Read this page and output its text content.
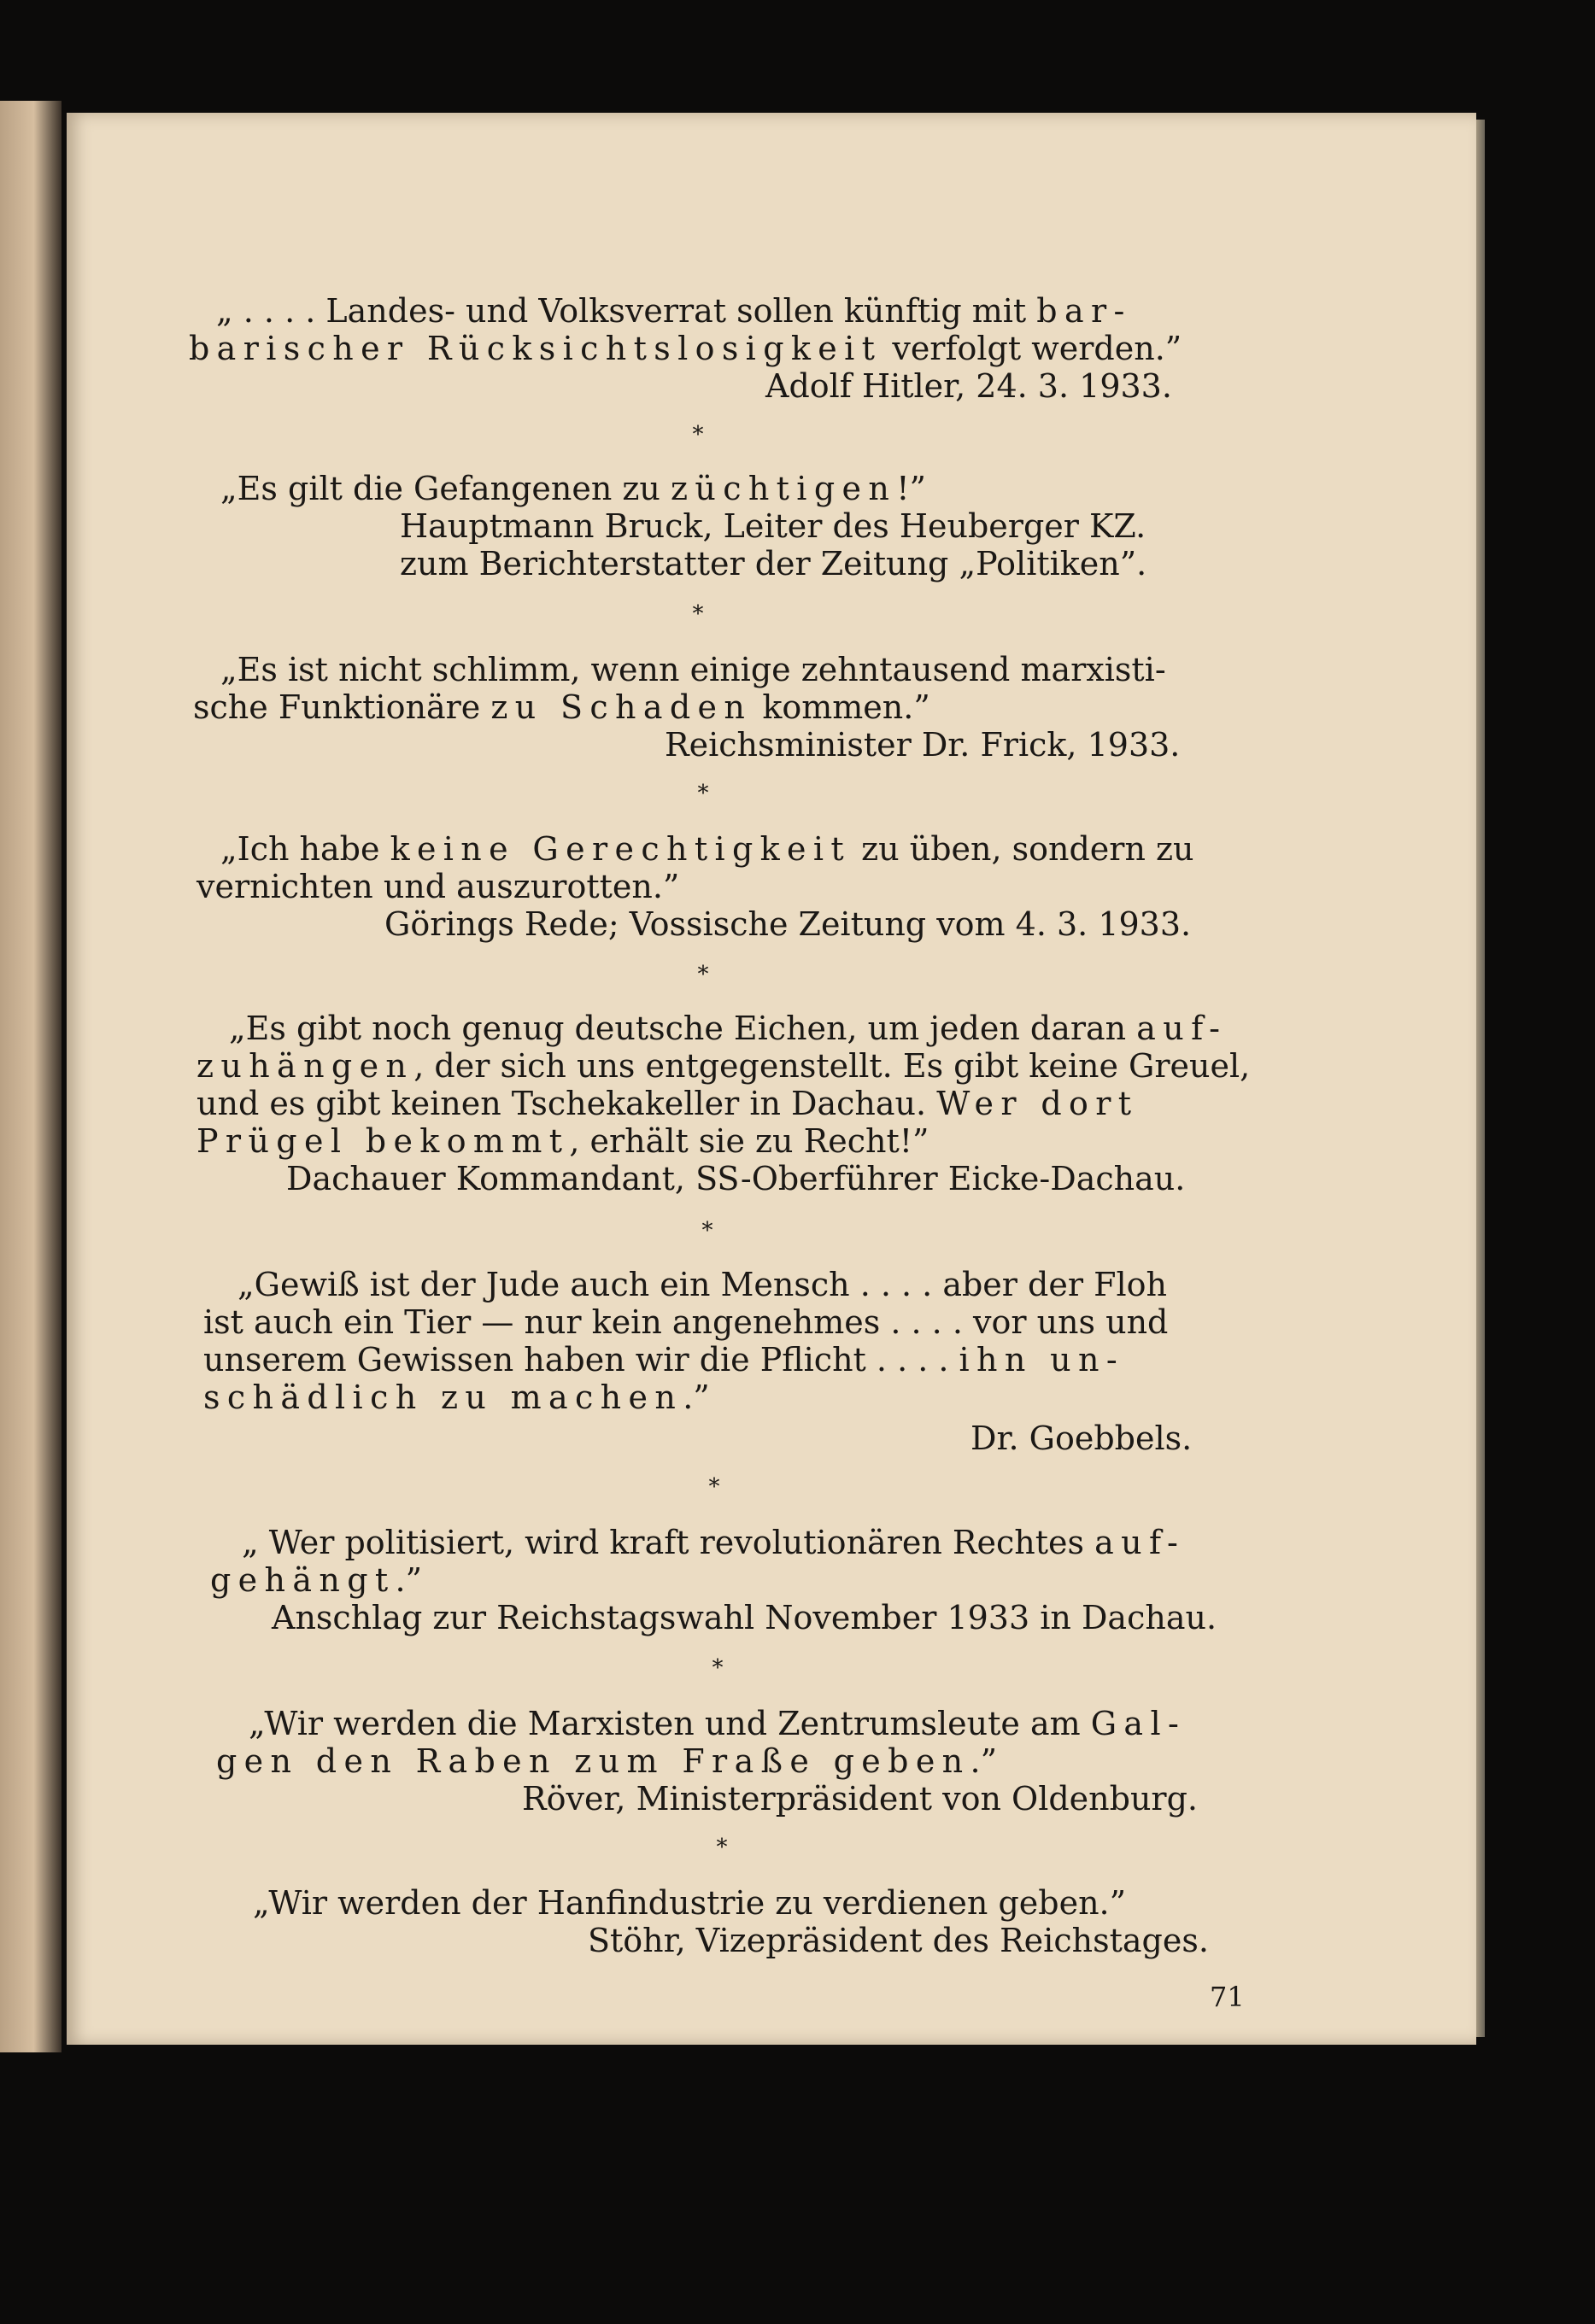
„ . . . . Landes- und Volksverrat sollen künftig mit bar-
barischer Rücksichtslosigkeit verfolgt werden.”
Adolf Hitler, 24. 3. 1933.
*
„Es gilt die Gefangenen zu züchtigen!”
Hauptmann Bruck, Leiter des Heuberger KZ.
zum Berichterstatter der Zeitung „Politiken”.
*
„Es ist nicht schlimm, wenn einige zehntausend marxisti-
sche Funktionäre zu Schaden kommen.”
Reichsminister Dr. Frick, 1933.
*
„Ich habe keine Gerechtigkeit zu üben, sondern zu
vernichten und auszurotten.”
Görings Rede; Vossische Zeitung vom 4. 3. 1933.
*
„Es gibt noch genug deutsche Eichen, um jeden daran auf-
zuhängen, der sich uns entgegenstellt. Es gibt keine Greuel,
und es gibt keinen Tschekakeller in Dachau. Wer dort
Prügel bekommt, erhält sie zu Recht!”
Dachauer Kommandant, SS-Oberführer Eicke-Dachau.
*
„Gewiß ist der Jude auch ein Mensch . . . . aber der Floh
ist auch ein Tier — nur kein angenehmes . . . . vor uns und
unserem Gewissen haben wir die Pflicht . . . . ihn un-
schädlich zu machen.”
Dr. Goebbels.
*
„ Wer politisiert, wird kraft revolutionären Rechtes auf-
gehängt.”
Anschlag zur Reichstagswahl November 1933 in Dachau.
*
„Wir werden die Marxisten und Zentrumsleute am Gal-
gen den Raben zum Fraße geben.”
Röver, Ministerpräsident von Oldenburg.
*
„Wir werden der Hanfindustrie zu verdienen geben.”
Stöhr, Vizepräsident des Reichstages.
71
